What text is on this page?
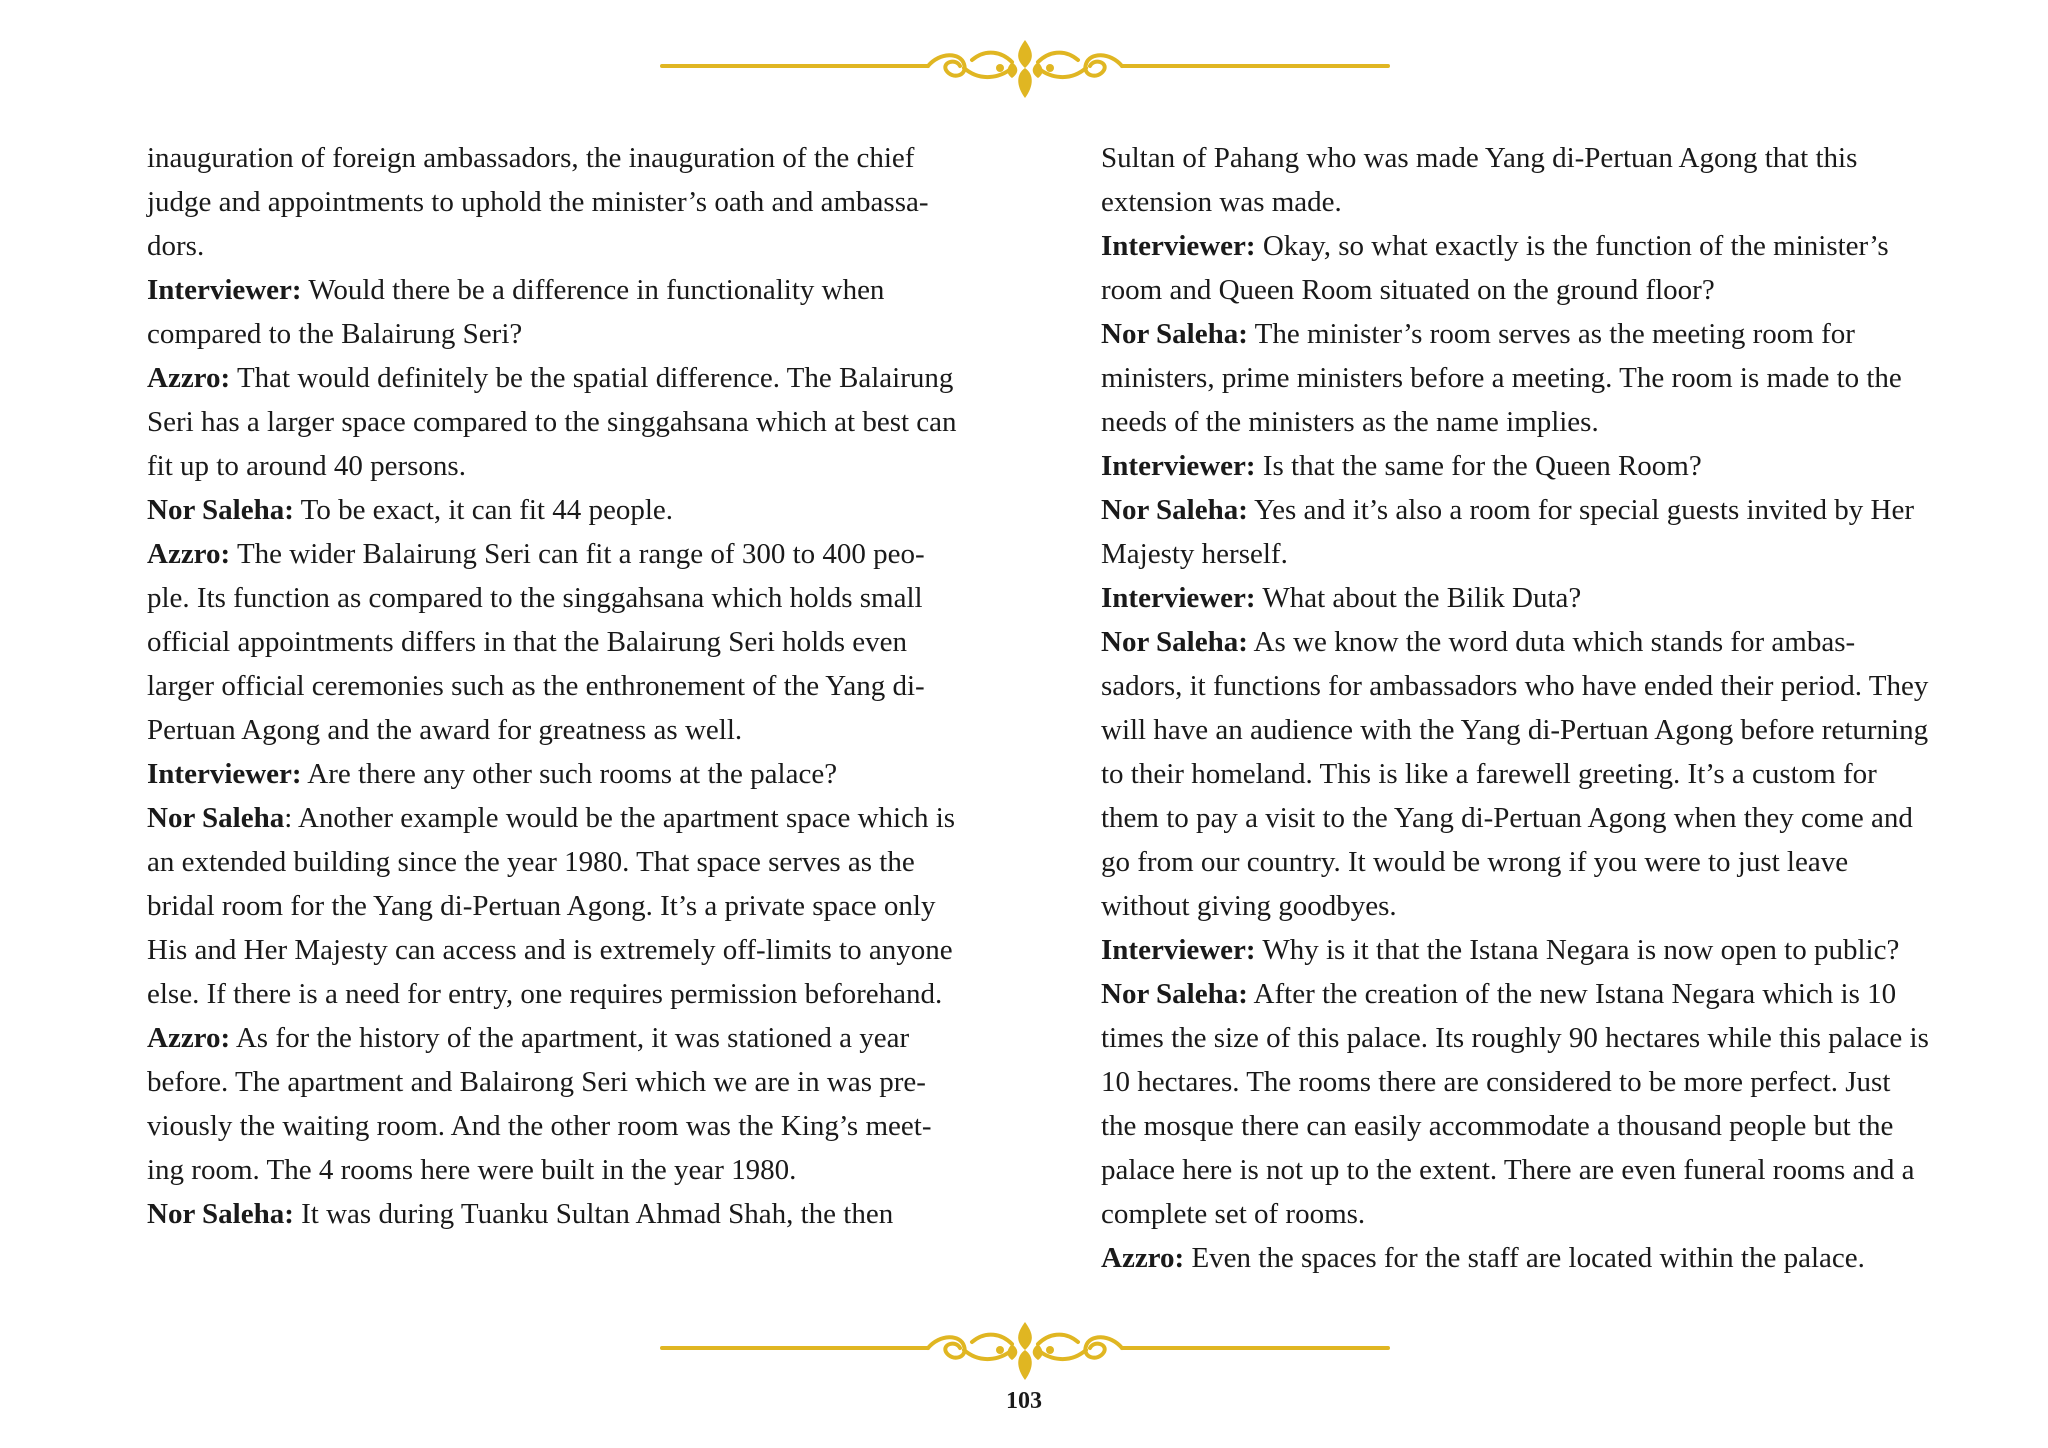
inauguration of foreign ambassadors, the inauguration of the chief judge and appointments to uphold the minister’s oath and ambassa-dors.

Interviewer: Would there be a difference in functionality when compared to the Balairung Seri?

Azzro: That would definitely be the spatial difference. The Balairung Seri has a larger space compared to the singgahsana which at best can fit up to around 40 persons.

Nor Saleha: To be exact, it can fit 44 people.

Azzro: The wider Balairung Seri can fit a range of 300 to 400 peo-ple. Its function as compared to the singgahsana which holds small official appointments differs in that the Balairung Seri holds even larger official ceremonies such as the enthronement of the Yang di-Pertuan Agong and the award for greatness as well.

Interviewer: Are there any other such rooms at the palace?

Nor Saleha: Another example would be the apartment space which is an extended building since the year 1980. That space serves as the bridal room for the Yang di-Pertuan Agong. It’s a private space only His and Her Majesty can access and is extremely off-limits to anyone else. If there is a need for entry, one requires permission beforehand.

Azzro: As for the history of the apartment, it was stationed a year before. The apartment and Balairong Seri which we are in was pre-viously the waiting room. And the other room was the King’s meet-ing room. The 4 rooms here were built in the year 1980.

Nor Saleha: It was during Tuanku Sultan Ahmad Shah, the then

Sultan of Pahang who was made Yang di-Pertuan Agong that this extension was made.

Interviewer: Okay, so what exactly is the function of the minister’s room and Queen Room situated on the ground floor?

Nor Saleha: The minister’s room serves as the meeting room for ministers, prime ministers before a meeting. The room is made to the needs of the ministers as the name implies.

Interviewer: Is that the same for the Queen Room?

Nor Saleha: Yes and it’s also a room for special guests invited by Her Majesty herself.

Interviewer: What about the Bilik Duta?

Nor Saleha: As we know the word duta which stands for ambas-sadors, it functions for ambassadors who have ended their period. They will have an audience with the Yang di-Pertuan Agong before returning to their homeland. This is like a farewell greeting. It’s a custom for them to pay a visit to the Yang di-Pertuan Agong when they come and go from our country. It would be wrong if you were to just leave without giving goodbyes.

Interviewer: Why is it that the Istana Negara is now open to public?

Nor Saleha: After the creation of the new Istana Negara which is 10 times the size of this palace. Its roughly 90 hectares while this palace is 10 hectares. The rooms there are considered to be more perfect. Just the mosque there can easily accommodate a thousand people but the palace here is not up to the extent. There are even funeral rooms and a complete set of rooms.

Azzro: Even the spaces for the staff are located within the palace.

103
